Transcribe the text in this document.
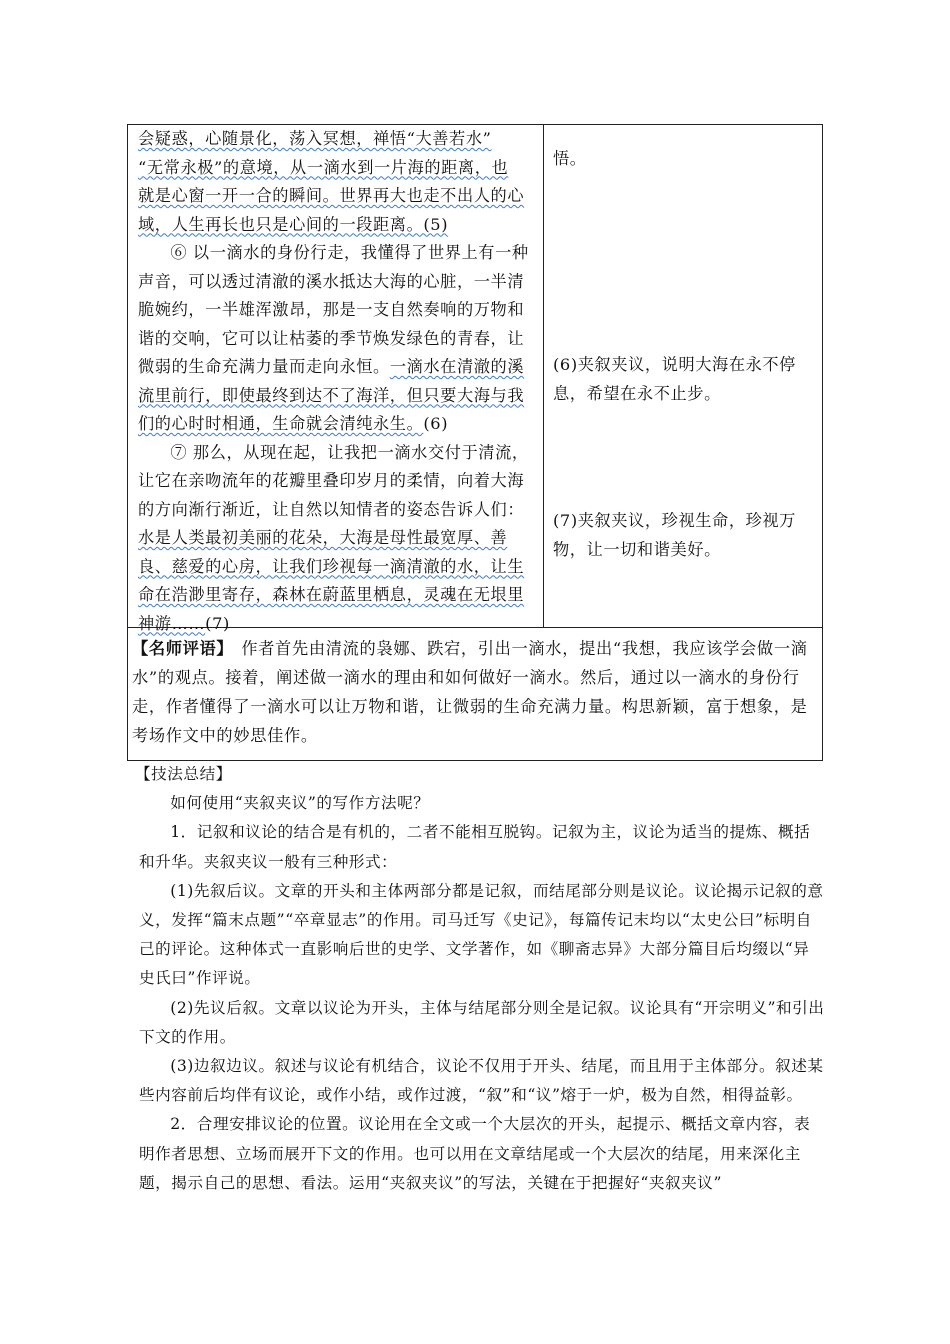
会疑惑，心随景化，荡入冥想，禅悟“大善若水”
“无常永极”的意境，从一滴水到一片海的距离，也
就是心窗一开一合的瞬间。世界再大也走不出人的心
域，人生再长也只是心间的一段距离。(5)

⑥ 以一滴水的身份行走，我懂得了世界上有一种声音，可以透过清澈的溪水抵达大海的心脏，一半清脆婉约，一半雄浑激昂，那是一支自然奏响的万物和谐的交响，它可以让枯萎的季节焕发绿色的青春，让微弱的生命充满力量而走向永恒。一滴水在清澈的溪流里前行，即使最终到达不了海洋，但只要大海与我们的心时时相通，生命就会清纯永生。(6)

⑦ 那么，从现在起，让我把一滴水交付于清流，让它在亲吻流年的花瓣里叠印岁月的柔情，向着大海的方向渐行渐近，让自然以知情者的姿态告诉人们：水是人类最初美丽的花朵，大海是母性最宽厚、善良、慈爱的心房，让我们珍视每一滴清澈的水，让生命在浩渺里寄存，森林在蔚蓝里栖息，灵魂在无垠里神游……(7)

悟。
(6)夹叙夹议，说明大海在永不停息，希望在永不止步。
(7)夹叙夹议，珍视生命，珍视万物，让一切和谐美好。
【名师评语】 作者首先由清流的袅娜、跌宕，引出一滴水，提出“我想，我应该学会做一滴水”的观点。接着，阐述做一滴水的理由和如何做好一滴水。然后，通过以一滴水的身份行走，作者懂得了一滴水可以让万物和谐，让微弱的生命充满力量。构思新颖，富于想象，是考场作文中的妙思佳作。

【技法总结】

如何使用“夹叙夹议”的写作方法呢？

1．记叙和议论的结合是有机的，二者不能相互脱钩。记叙为主，议论为适当的提炼、概括和升华。夹叙夹议一般有三种形式：

(1)先叙后议。文章的开头和主体两部分都是记叙，而结尾部分则是议论。议论揭示记叙的意义，发挥“篇末点题”“卒章显志”的作用。司马迁写《史记》，每篇传记末均以“太史公曰”标明自己的评论。这种体式一直影响后世的史学、文学著作，如《聊斋志异》大部分篇目后均缀以“异史氏曰”作评说。

(2)先议后叙。文章以议论为开头，主体与结尾部分则全是记叙。议论具有“开宗明义”和引出下文的作用。

(3)边叙边议。叙述与议论有机结合，议论不仅用于开头、结尾，而且用于主体部分。叙述某些内容前后均伴有议论，或作小结，或作过渡，“叙”和“议”熔于一炉，极为自然，相得益彰。

2．合理安排议论的位置。议论用在全文或一个大层次的开头，起提示、概括文章内容，表明作者思想、立场而展开下文的作用。也可以用在文章结尾或一个大层次的结尾，用来深化主题，揭示自己的思想、看法。运用“夹叙夹议”的写法，关键在于把握好“夹叙夹议”
